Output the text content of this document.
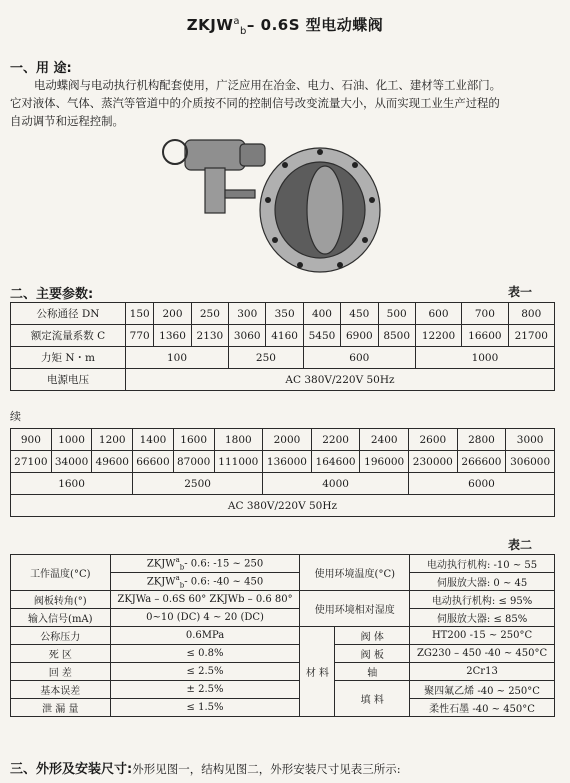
$ZKJW^a_b-$ 0.6S 型电动蝶阀
一、用 途:
电动蝶阀与电动执行机构配套使用，广泛应用在冶金、电力、石油、化工、建材等工业部门。
它对液体、气体、蒸汽等管道中的介质按不同的控制信号改变流量大小，从而实现工业生产过程的
自动调节和远程控制。
二、主要参数:	表一
公称通径 DN	150	200	250	300	350	400	450	500	600	700	800
额定流量系数 C	770	1360	2130	3060	4160	5450	6900	8500	12200	16600	21700
力矩 N・m	100			250		600			1000		
电源电压	AC 380V/220V 50Hz										
续
900	1000	1200	1400	1600	1800	2000	2200	2400	2600	2800	3000
27100	34000	49600	66600	87000	111000	136000	164600	196000	230000	266600	306000
1600			2500			4000			6000		
AC 380V/220V 50Hz											
表二
工作温度(°C)	$ZKJW^a_b-$ 0.6: -15 ~ 250	使用环境温度(°C)		电动执行机构: -10 ~ 55
	$ZKJW^a_b-$ 0.6: -40 ~ 450			伺服放大器: 0 ~ 45
阀板转角(°)	ZKJWa – 0.6S 60° ZKJWb – 0.6 80°	使用环境相对湿度		电动执行机构: ≤ 95%
输入信号(mA)	0~10 (DC) 4 ~ 20 (DC)			伺服放大器: ≤ 85%
公称压力	0.6MPa	材 料	阀 体	HT200 -15 ~ 250°C
死 区	≤ 0.8%		阀 板	ZG230 – 450 -40 ~ 450°C
回 差	≤ 2.5%		轴	2Cr13
基本误差	± 2.5%		填 料	聚四氟乙烯 -40 ~ 250°C
泄 漏 量	≤ 1.5%			柔性石墨 -40 ~ 450°C

三、外形及安装尺寸:外形见图一，结构见图二，外形安装尺寸见表三所示:
